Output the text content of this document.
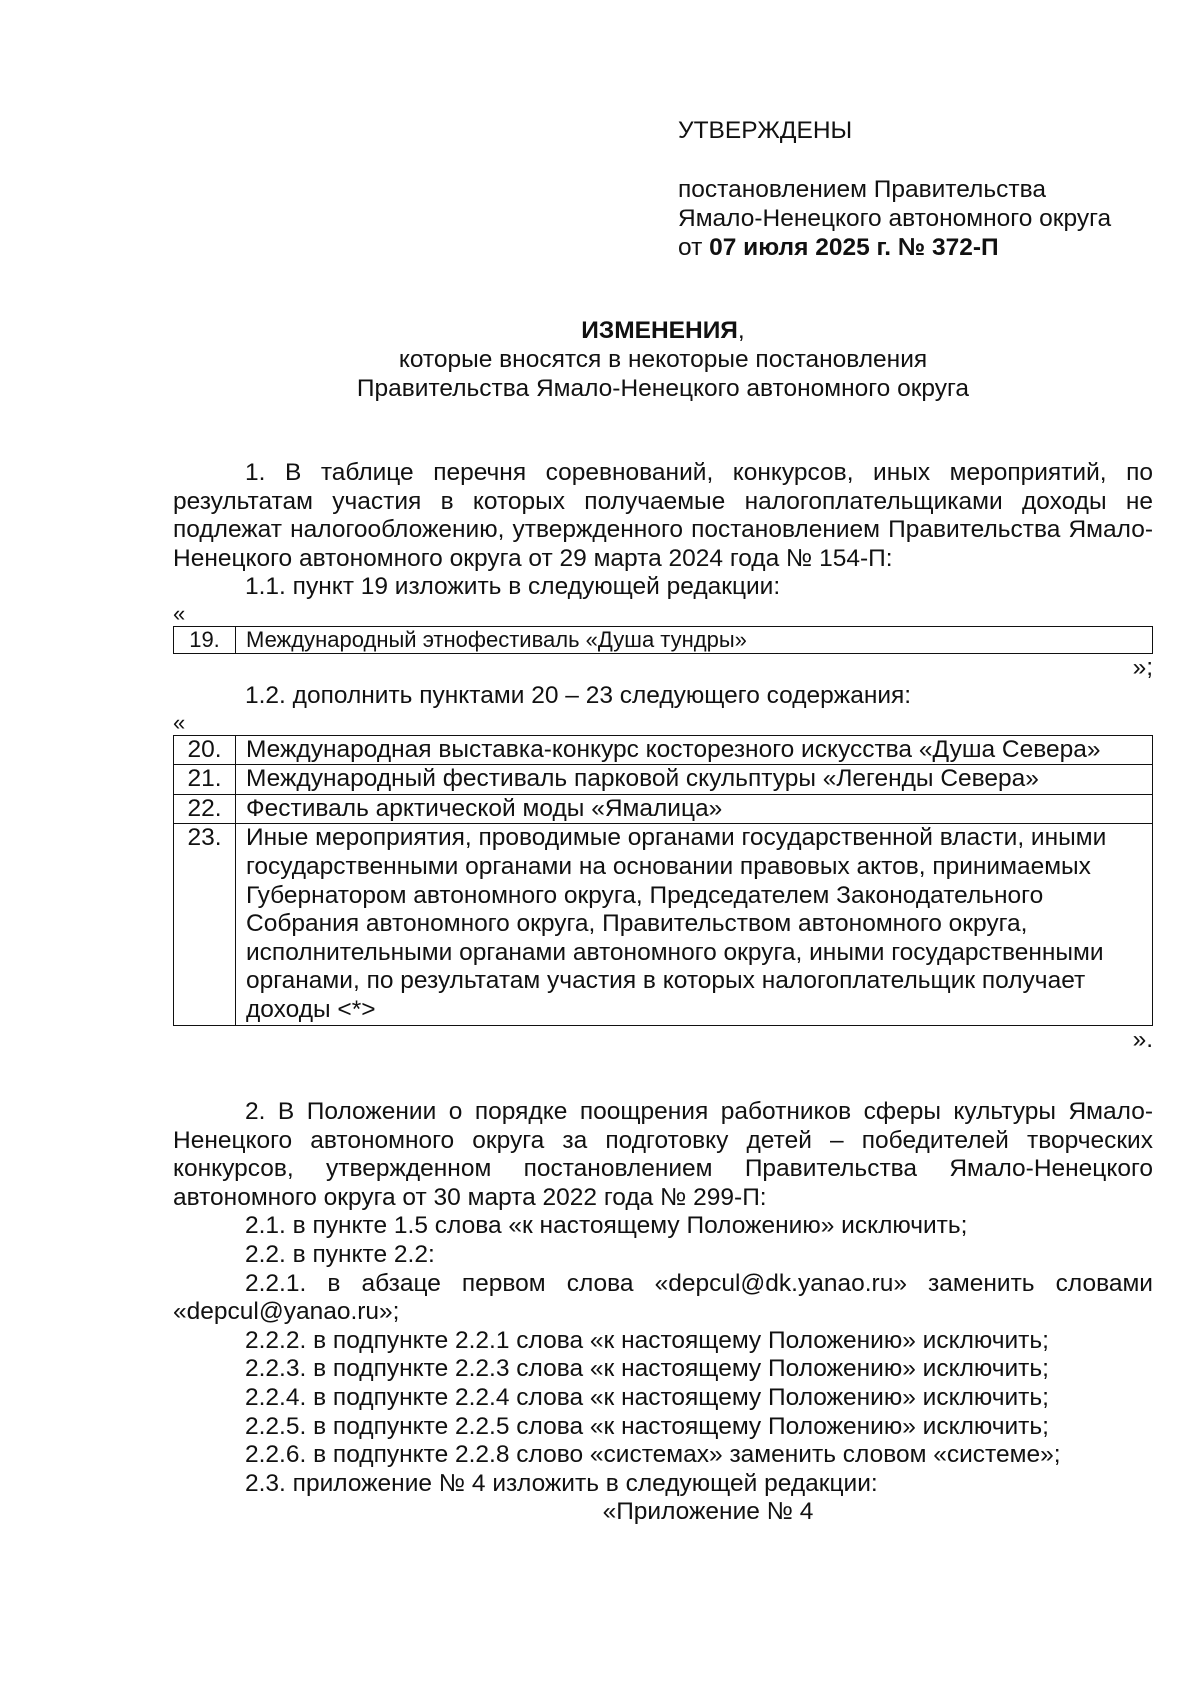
УТВЕРЖДЕНЫ
постановлением Правительства
Ямало-Ненецкого автономного округа
от 07 июля 2025 г. № 372-П
ИЗМЕНЕНИЯ,
которые вносятся в некоторые постановления
Правительства Ямало-Ненецкого автономного округа

1. В таблице перечня соревнований, конкурсов, иных мероприятий, по результатам участия в которых получаемые налогоплательщиками доходы не подлежат налогообложению, утвержденного постановлением Правительства Ямало-Ненецкого автономного округа от 29 марта 2024 года № 154-П:

1.1. пункт 19 изложить в следующей редакции:

«

19.	Международный этнофестиваль «Душа тундры»

»;

1.2. дополнить пунктами 20 – 23 следующего содержания:

«

20.	Международная выставка-конкурс косторезного искусства «Душа Севера»
21.	Международный фестиваль парковой скульптуры «Легенды Севера»
22.	Фестиваль арктической моды «Ямалица»
23.	Иные мероприятия, проводимые органами государственной власти, иными государственными органами на основании правовых актов, принимаемых Губернатором автономного округа, Председателем Законодательного Собрания автономного округа, Правительством автономного округа, исполнительными органами автономного округа, иными государственными органами, по результатам участия в которых налогоплательщик получает доходы <*>

».

2. В Положении о порядке поощрения работников сферы культуры Ямало-Ненецкого автономного округа за подготовку детей – победителей творческих конкурсов, утвержденном постановлением Правительства Ямало-Ненецкого автономного округа от 30 марта 2022 года № 299-П:

2.1. в пункте 1.5 слова «к настоящему Положению» исключить;

2.2. в пункте 2.2:

2.2.1. в абзаце первом слова «depcul@dk.yanao.ru» заменить словами «depcul@yanao.ru»;

2.2.2. в подпункте 2.2.1 слова «к настоящему Положению» исключить;

2.2.3. в подпункте 2.2.3 слова «к настоящему Положению» исключить;

2.2.4. в подпункте 2.2.4 слова «к настоящему Положению» исключить;

2.2.5. в подпункте 2.2.5 слова «к настоящему Положению» исключить;

2.2.6. в подпункте 2.2.8 слово «системах» заменить словом «системе»;

2.3. приложение № 4 изложить в следующей редакции:

«Приложение № 4
